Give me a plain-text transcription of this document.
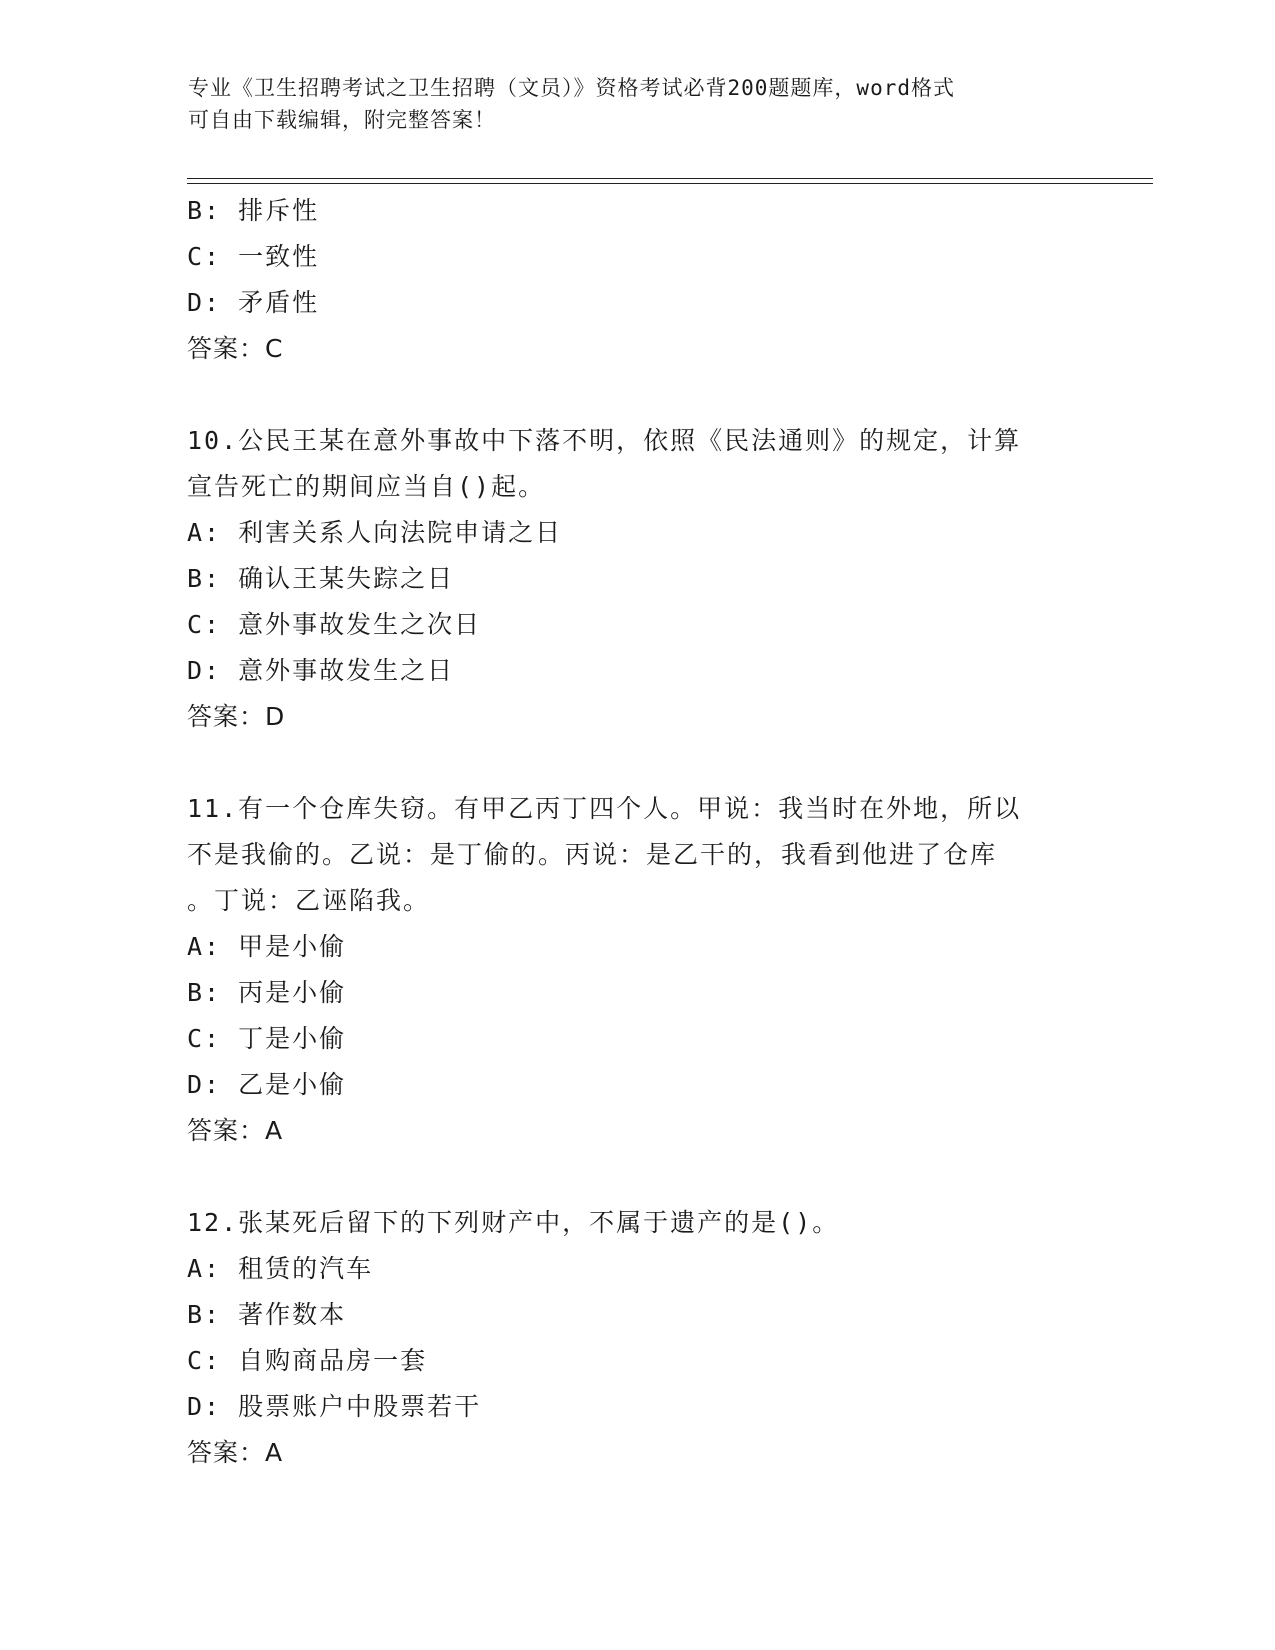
专业《卫生招聘考试之卫生招聘（文员）》资格考试必背200题题库，word格式
可自由下载编辑，附完整答案！
B: 排斥性
C: 一致性
D: 矛盾性
答案：C
10.公民王某在意外事故中下落不明，依照《民法通则》的规定，计算
宣告死亡的期间应当自()起。
A: 利害关系人向法院申请之日
B: 确认王某失踪之日
C: 意外事故发生之次日
D: 意外事故发生之日
答案：D
11.有一个仓库失窃。有甲乙丙丁四个人。甲说：我当时在外地，所以
不是我偷的。乙说：是丁偷的。丙说：是乙干的，我看到他进了仓库
。丁说：乙诬陷我。
A: 甲是小偷
B: 丙是小偷
C: 丁是小偷
D: 乙是小偷
答案：A
12.张某死后留下的下列财产中，不属于遗产的是()。
A: 租赁的汽车
B: 著作数本
C: 自购商品房一套
D: 股票账户中股票若干
答案：A
